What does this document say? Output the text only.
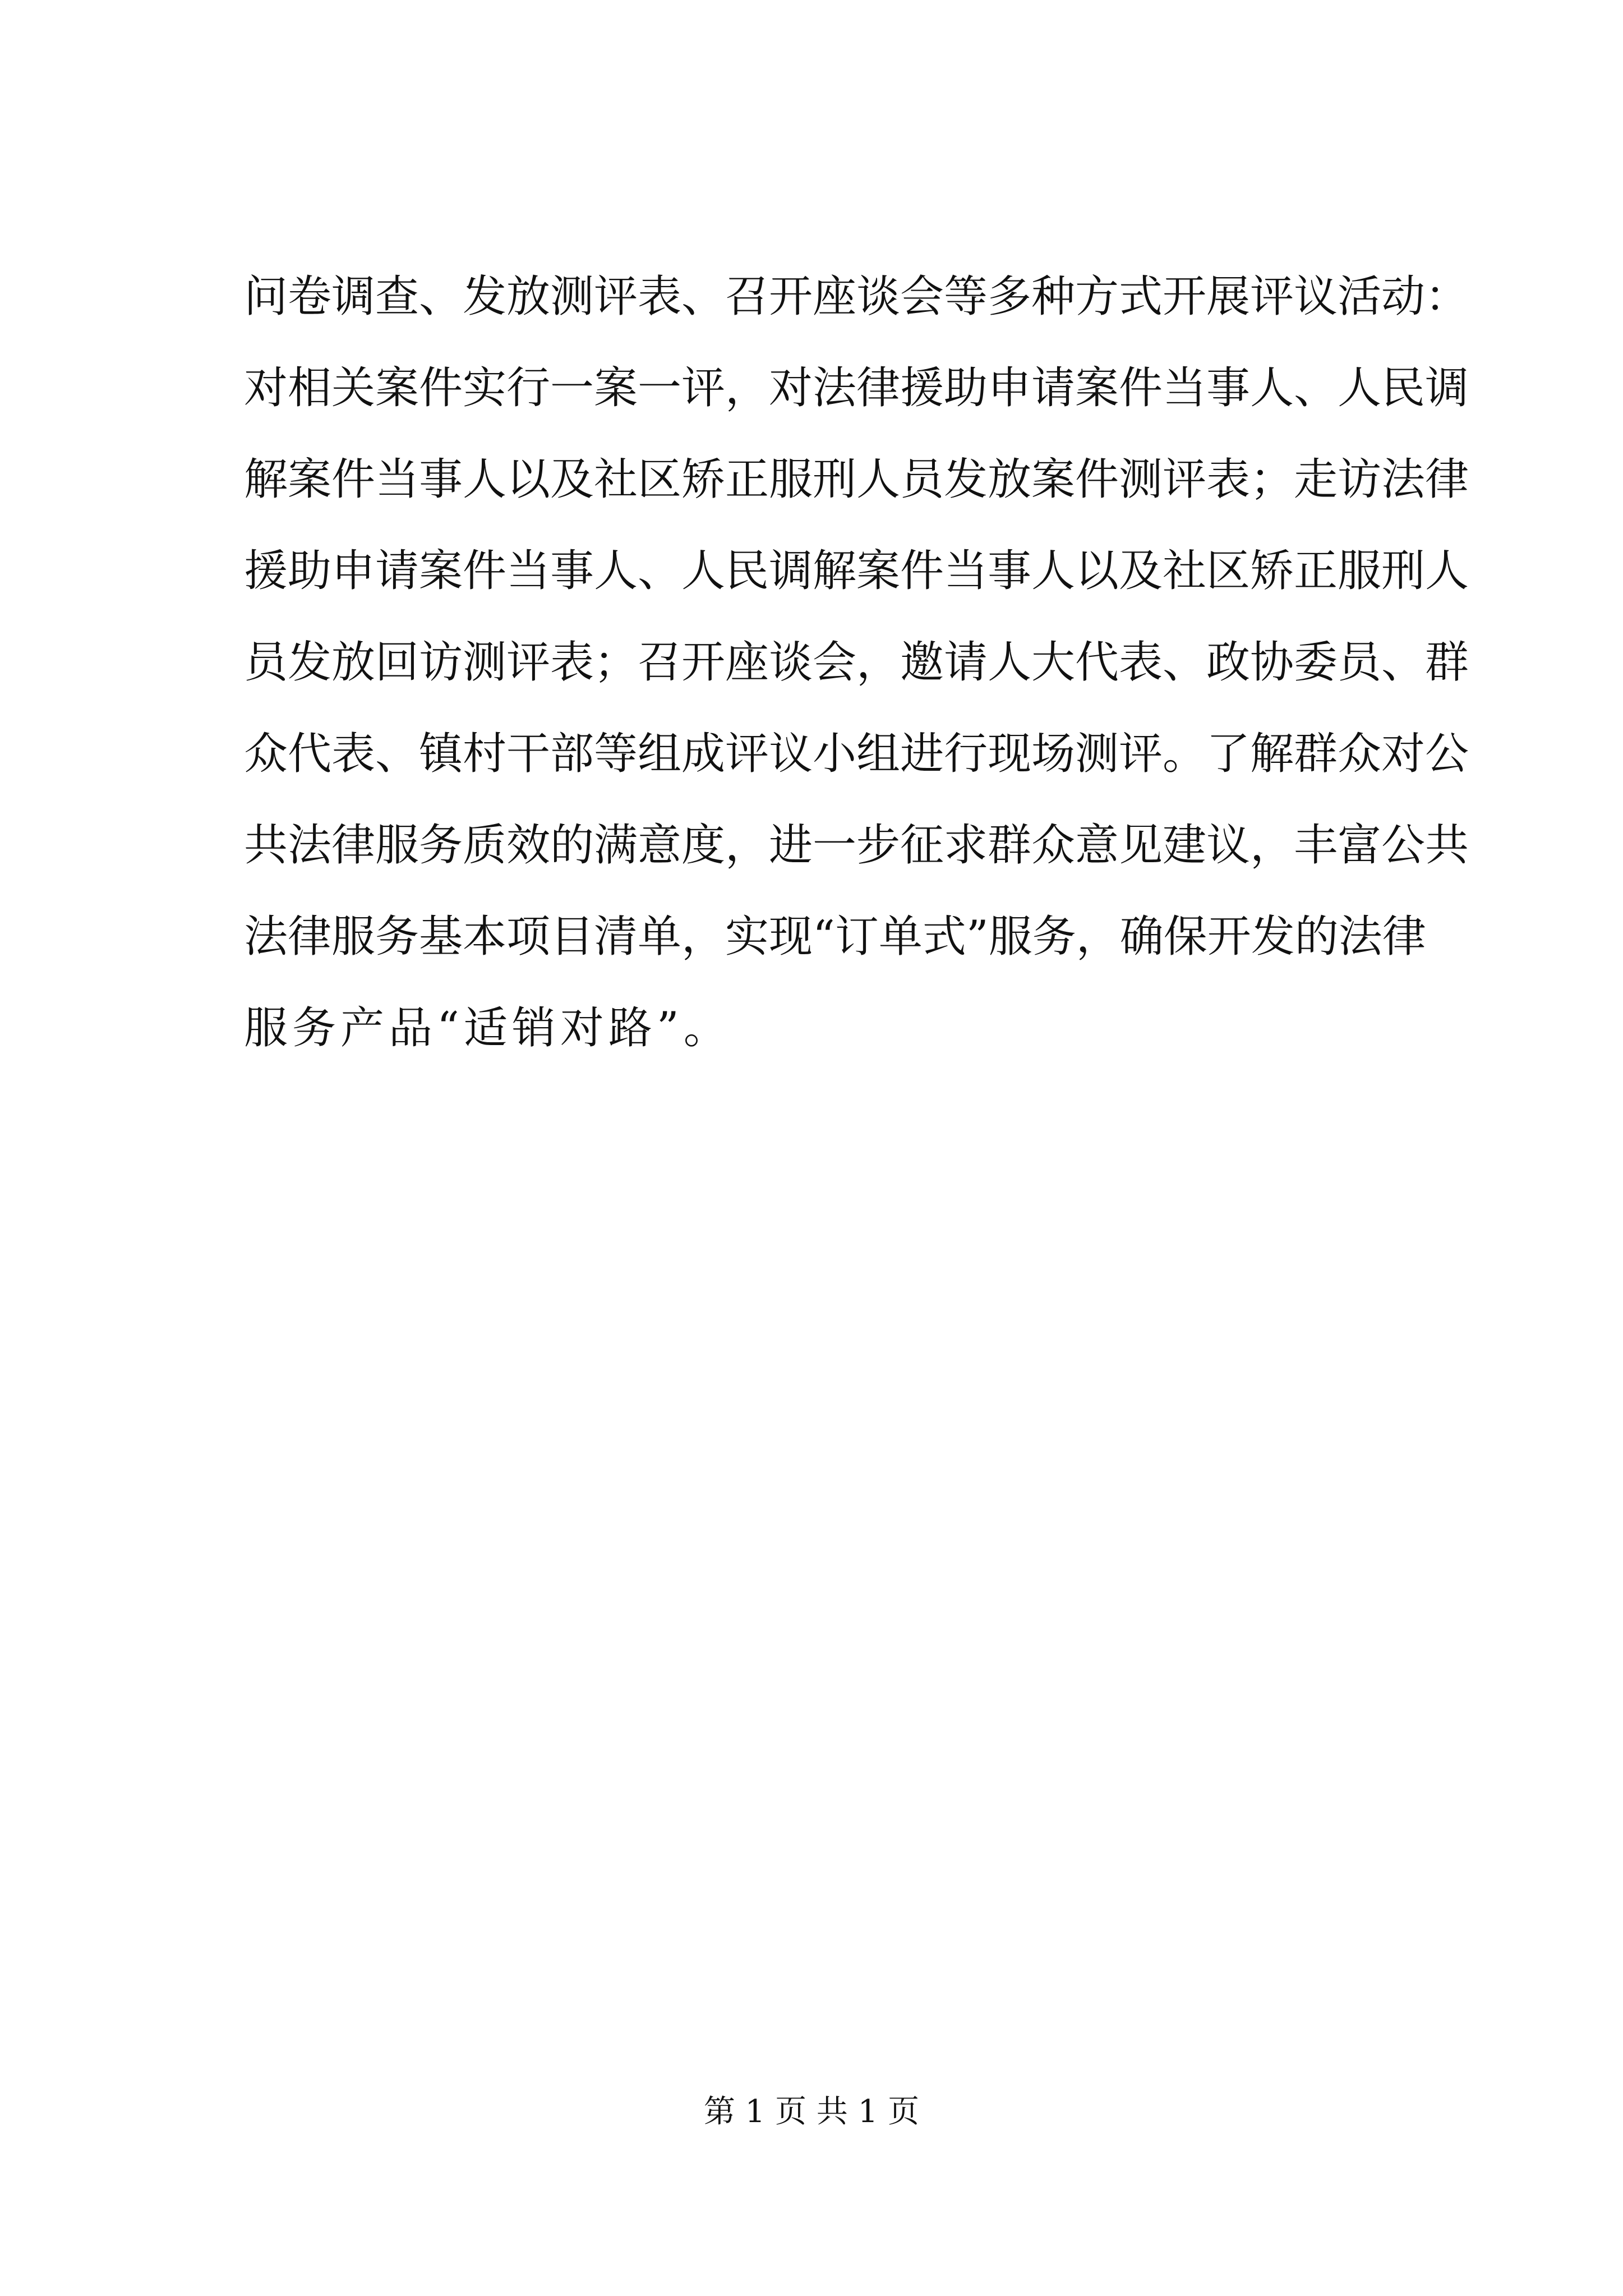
问卷调查、发放测评表、召开座谈会等多种方式开展评议活动：
对相关案件实行一案一评，对法律援助申请案件当事人、人民调
解案件当事人以及社区矫正服刑人员发放案件测评表；走访法律
援助申请案件当事人、人民调解案件当事人以及社区矫正服刑人
员发放回访测评表；召开座谈会，邀请人大代表、政协委员、群
众代表、镇村干部等组成评议小组进行现场测评。了解群众对公
共法律服务质效的满意度，进一步征求群众意见建议，丰富公共
法律服务基本项目清单，实现“订单式”服务，确保开发的法律
服务产品“适销对路”。
第 1 页 共 1 页
